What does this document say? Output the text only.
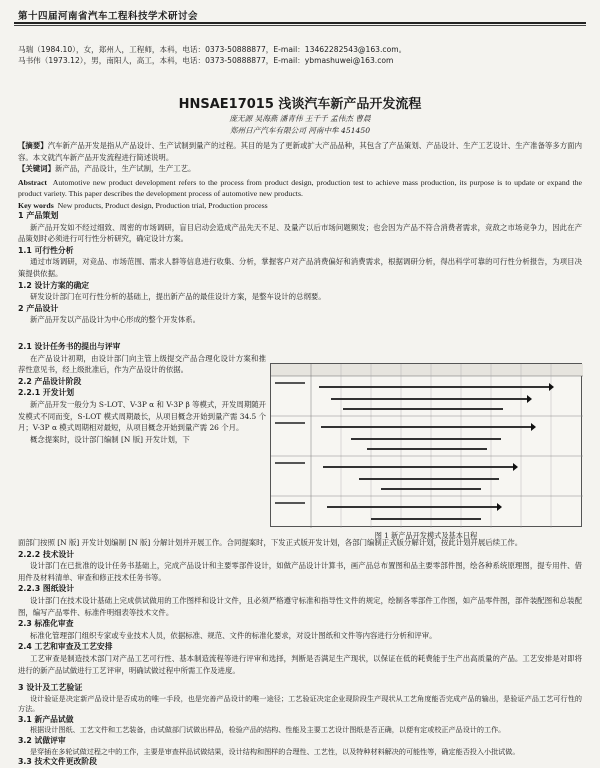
第十四届河南省汽车工程科技学术研讨会
马瑞（1984.10），女，郑州人，工程师，本科，电话：0373-50888877，E-mail：13462282543@163.com。
马书伟（1973.12），男，南阳人，高工，本科，电话：0373-50888877，E-mail：ybmashuwei@163.com
HNSAE17015 浅谈汽车新产品开发流程
庞无源 吴海燕 潘青伟 王千千 孟伟杰 曹晨
郑州日产汽车有限公司 河南中牟 451450
【摘要】汽车新产品开发是指从产品设计、生产试制到量产的过程。其目的是为了更新或扩大产品品种，其包含了产品策划、产品设计、生产工艺设计、生产准备等多方面内容。本文就汽车新产品开发流程进行简述说明。
【关键词】新产品，产品设计，生产试制，生产工艺。
Abstract Automotive new product development refers to the process from product design, production test to achieve mass production, its purpose is to update or expand the product variety. This paper describes the development process of automotive new products.
Key words New products, Product design, Production trial, Production process
1 产品策划
新产品开发如不经过细致、周密的市场调研，盲目启动会造成产品先天不足、及量产以后市场问题频发；也会因为产品不符合消费者需求，竞敌之市场竞争力，因此在产品策划时必须进行可行性分析研究，确定设计方案。
1.1 可行性分析
通过市场调研，对竞品、市场范围、需求人群等信息进行收集、分析，掌握客户对产品消费偏好和消费需求，根据调研分析，得出科学可靠的可行性分析报告，为项目决策提供依据。
1.2 设计方案的确定
研发设计部门在可行性分析的基础上，提出新产品的最佳设计方案，是整车设计的总纲要。
2 产品设计
新产品开发以产品设计为中心形成的整个开发体系。
2.1 设计任务书的提出与评审
在产品设计初期，由设计部门向主管上级提交产品合理化设计方案和推荐性意见书，经上级批准后，作为产品设计的依据。
2.2 产品设计阶段
2.2.1 开发计划
新产品开发一般分为 S-LOT、V-3P α 和 V-3P β 等模式，开发周期随开发模式不同而变，S-LOT 模式周期最长，从项目概念开始到量产需 34.5 个月；V-3P α 模式周期相对最短，从项目概念开始到量产需 26 个月。
概念提案时，设计部门编制 [N 版] 开发计划，下
图 1 新产品开发模式及基本日程
面部门按照 [N 版] 开发计划编制 [N 版] 分解计划并开展工作。合同提案时，下发正式版开发计划，各部门编制正式版分解计划，按此计划开展后续工作。
2.2.2 技术设计
设计部门在已批准的设计任务书基础上，完成产品设计和主要零部件设计，如做产品设计计算书，画产品总布置图和品主要零部件图，绘各种系统原理图，提专用件、借用件及材料清单、审查和修正技术任务书等。
2.2.3 图纸设计
设计部门在技术设计基础上完成供试做用的工作图样和设计文件，且必须严格遵守标准和指导性文件的规定，绘制各零部件工作图，如产品零件图，部件装配图和总装配图，编写产品零件、标准件明细表等技术文件。
2.3 标准化审查
标准化管理部门组织专家或专业技术人员，依据标准、规范、文件的标准化要求，对设计图纸和文件等内容进行分析和评审。
2.4 工艺和审查及工艺安排
工艺审查是制造技术部门对产品工艺可行性、基本制造流程等进行评审和选择，判断是否满足生产现状，以保证在低的耗费能于生产出高质量的产品。工艺安排是对即将进行的新产品试做进行工艺评审，明确试做过程中所需工作及进度。
3 设计及工艺验证
设计验证是决定新产品设计是否成功的唯一手段，也是完善产品设计的唯一途径；工艺验证决定企业现阶段生产现状从工艺角度能否完成产品的输出，是验证产品工艺可行性的方法。
3.1 新产品试做
根据设计图纸、工艺文件和工艺装备，由试做部门试做出样品，检验产品的结构、性能及主要工艺设计图纸是否正确，以便有定或校正产品设计的工作。
3.2 试做评审
是穿插在多轮试做过程之中的工作，主要是审查样品试做结果，设计结构和图样的合理性、工艺性，以及特种材料解决的可能性等，确定能否投入小批试做。
3.3 技术文件更改阶段
